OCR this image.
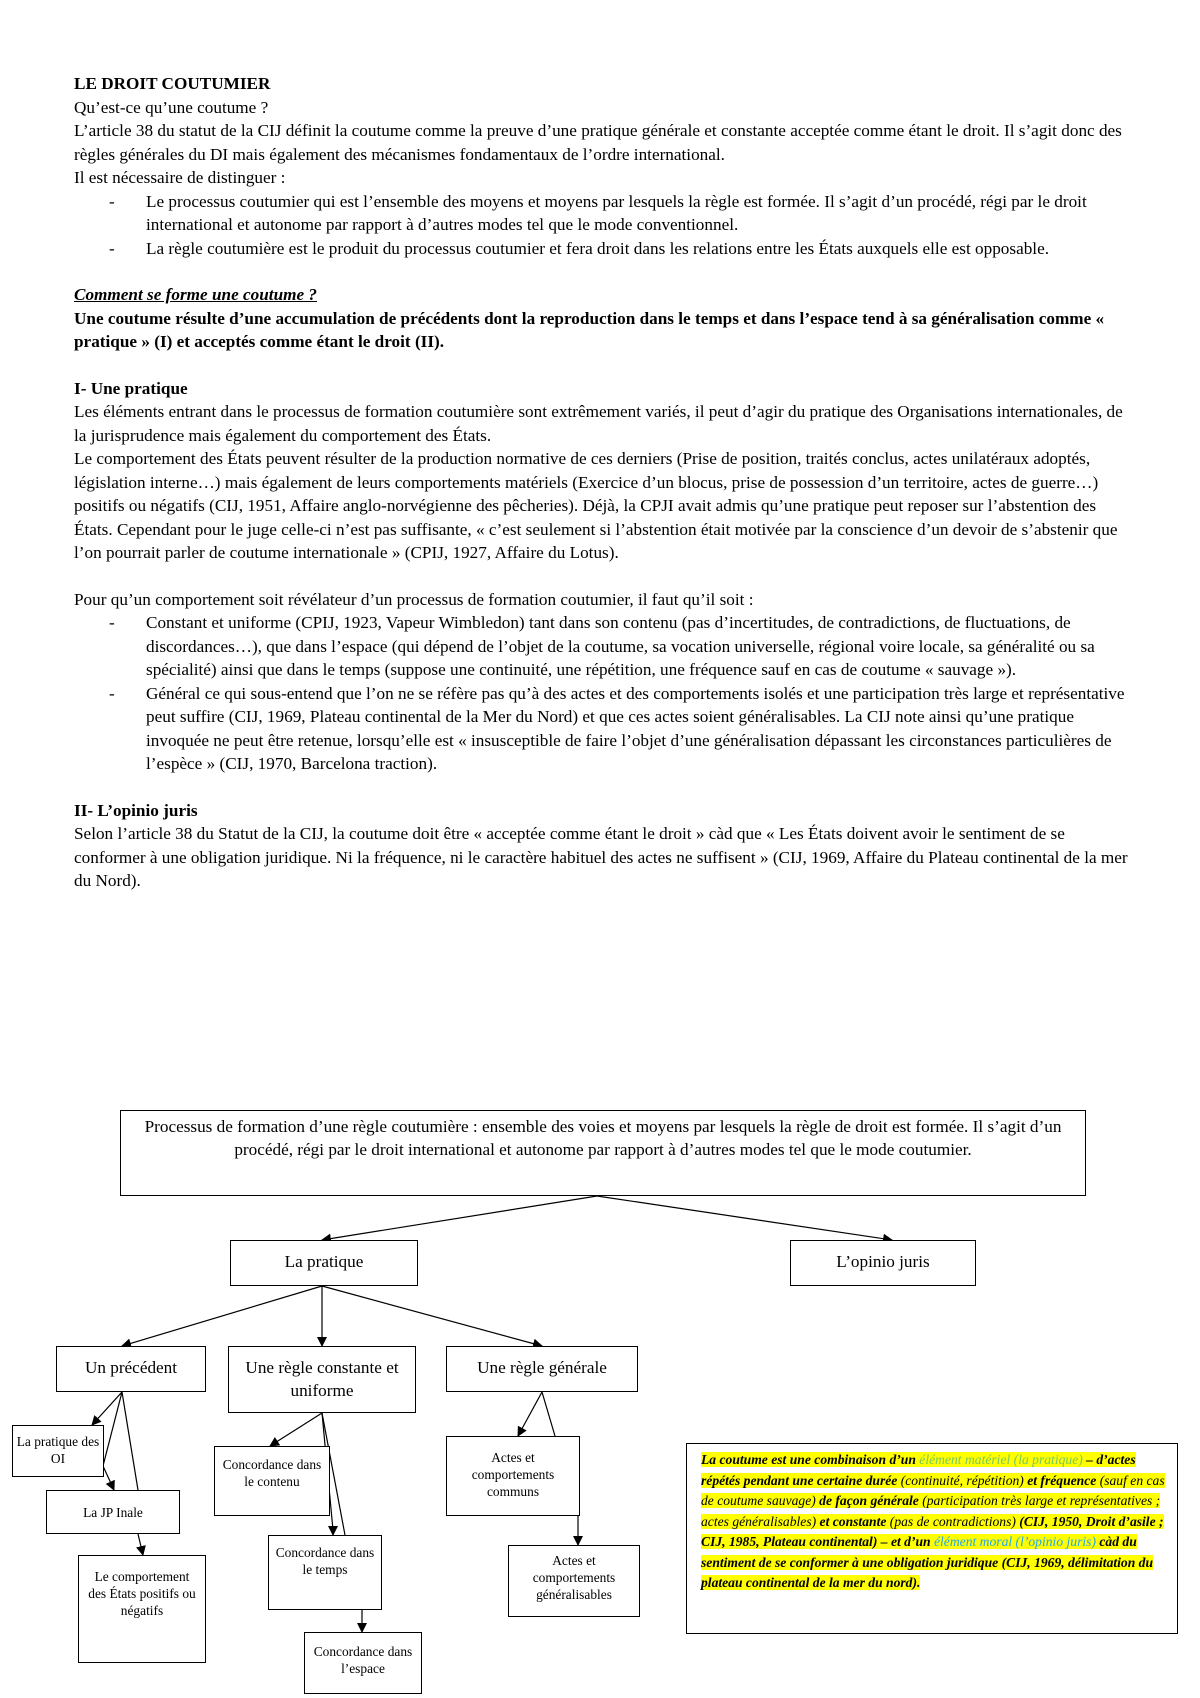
LE DROIT COUTUMIER

Qu’est-ce qu’une coutume ?

L’article 38 du statut de la CIJ définit la coutume comme la preuve d’une pratique générale et constante acceptée comme étant le droit. Il s’agit donc des règles générales du DI mais également des mécanismes fondamentaux de l’ordre international.

Il est nécessaire de distinguer :

- Le processus coutumier qui est l’ensemble des moyens et moyens par lesquels la règle est formée. Il s’agit d’un procédé, régi par le droit international et autonome par rapport à d’autres modes tel que le mode conventionnel.
- La règle coutumière est le produit du processus coutumier et fera droit dans les relations entre les États auxquels elle est opposable.

Comment se forme une coutume ?

Une coutume résulte d’une accumulation de précédents dont la reproduction dans le temps et dans l’espace tend à sa généralisation comme « pratique » (I) et acceptés comme étant le droit (II).

I- Une pratique

Les éléments entrant dans le processus de formation coutumière sont extrêmement variés, il peut d’agir du pratique des Organisations internationales, de la jurisprudence mais également du comportement des États.

Le comportement des États peuvent résulter de la production normative de ces derniers (Prise de position, traités conclus, actes unilatéraux adoptés, législation interne…) mais également de leurs comportements matériels (Exercice d’un blocus, prise de possession d’un territoire, actes de guerre…) positifs ou négatifs (CIJ, 1951, Affaire anglo-norvégienne des pêcheries). Déjà, la CPJI avait admis qu’une pratique peut reposer sur l’abstention des États. Cependant pour le juge celle-ci n’est pas suffisante, « c’est seulement si l’abstention était motivée par la conscience d’un devoir de s’abstenir que l’on pourrait parler de coutume internationale » (CPIJ, 1927, Affaire du Lotus).

Pour qu’un comportement soit révélateur d’un processus de formation coutumier, il faut qu’il soit :

- Constant et uniforme (CPIJ, 1923, Vapeur Wimbledon) tant dans son contenu (pas d’incertitudes, de contradictions, de fluctuations, de discordances…), que dans l’espace (qui dépend de l’objet de la coutume, sa vocation universelle, régional voire locale, sa généralité ou sa spécialité) ainsi que dans le temps (suppose une continuité, une répétition, une fréquence sauf en cas de coutume « sauvage »).
- Général ce qui sous-entend que l’on ne se réfère pas qu’à des actes et des comportements isolés et une participation très large et représentative peut suffire (CIJ, 1969, Plateau continental de la Mer du Nord) et que ces actes soient généralisables. La CIJ note ainsi qu’une pratique invoquée ne peut être retenue, lorsqu’elle est « insusceptible de faire l’objet d’une généralisation dépassant les circonstances particulières de l’espèce » (CIJ, 1970, Barcelona traction).

II- L’opinio juris

Selon l’article 38 du Statut de la CIJ, la coutume doit être « acceptée comme étant le droit » càd que « Les États doivent avoir le sentiment de se conformer à une obligation juridique. Ni la fréquence, ni le caractère habituel des actes ne suffisent » (CIJ, 1969, Affaire du Plateau continental de la mer du Nord).

Processus de formation d’une règle coutumière : ensemble des voies et moyens par lesquels la règle de droit est formée. Il s’agit d’un procédé, régi par le droit international et autonome par rapport à d’autres modes tel que le mode coutumier.
La pratique	L’opinio juris
Un précédent	Une règle constante et uniforme
Une règle générale
La pratique des OI
La JP Inale
Le comportement des États positifs ou négatifs
Concordance dans le contenu
Concordance dans le temps
Concordance dans l’espace
Actes et comportements communs
Actes et comportements généralisables
La coutume est une combinaison d’un élément matériel (la pratique) – d’actes répétés pendant une certaine durée (continuité, répétition) et fréquence (sauf en cas de coutume sauvage) de façon générale (participation très large et représentatives ; actes généralisables) et constante (pas de contradictions) (CIJ, 1950, Droit d’asile ; CIJ, 1985, Plateau continental) – et d’un élément moral (l’opinio juris) càd du sentiment de se conformer à une obligation juridique (CIJ, 1969, délimitation du plateau continental de la mer du nord).
